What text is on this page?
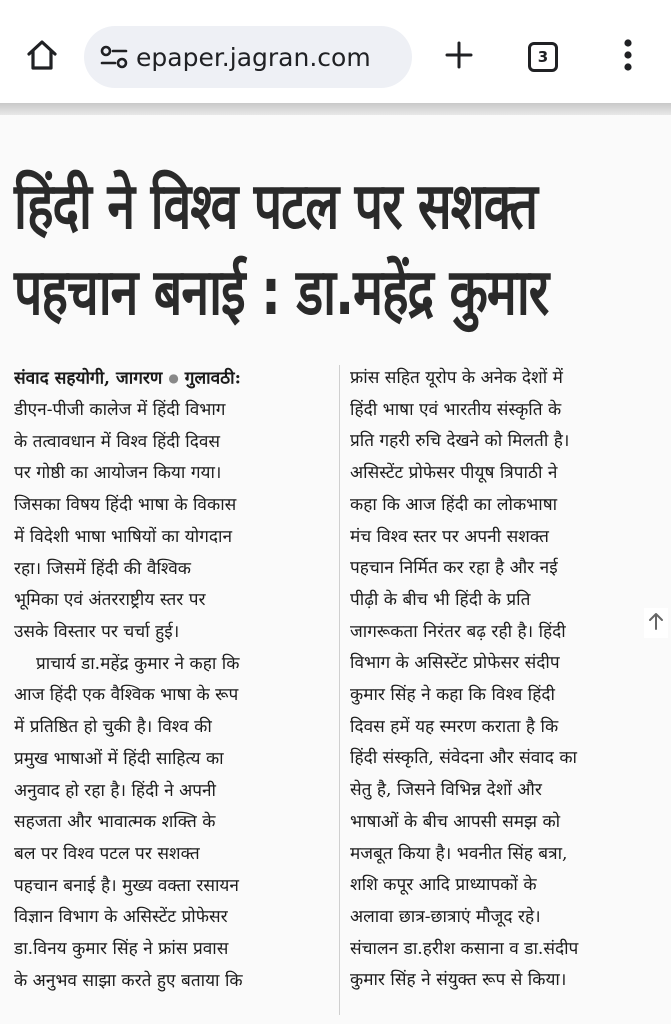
epaper.jagran.com	3
हिंदी ने विश्व पटल पर सशक्त
पहचान बनाई : डा.महेंद्र कुमार
संवाद सहयोगी, जागरण ● गुलावठी:
डीएन-पीजी कालेज में हिंदी विभाग
के तत्वावधान में विश्व हिंदी दिवस
पर गोष्ठी का आयोजन किया गया।
जिसका विषय हिंदी भाषा के विकास
में विदेशी भाषा भाषियों का योगदान
रहा। जिसमें हिंदी की वैश्विक
भूमिका एवं अंतरराष्ट्रीय स्तर पर
उसके विस्तार पर चर्चा हुई।
प्राचार्य डा.महेंद्र कुमार ने कहा कि
आज हिंदी एक वैश्विक भाषा के रूप
में प्रतिष्ठित हो चुकी है। विश्व की
प्रमुख भाषाओं में हिंदी साहित्य का
अनुवाद हो रहा है। हिंदी ने अपनी
सहजता और भावात्मक शक्ति के
बल पर विश्व पटल पर सशक्त
पहचान बनाई है। मुख्य वक्ता रसायन
विज्ञान विभाग के असिस्टेंट प्रोफेसर
डा.विनय कुमार सिंह ने फ्रांस प्रवास
के अनुभव साझा करते हुए बताया कि
फ्रांस सहित यूरोप के अनेक देशों में
हिंदी भाषा एवं भारतीय संस्कृति के
प्रति गहरी रुचि देखने को मिलती है।
असिस्टेंट प्रोफेसर पीयूष त्रिपाठी ने
कहा कि आज हिंदी का लोकभाषा
मंच विश्व स्तर पर अपनी सशक्त
पहचान निर्मित कर रहा है और नई
पीढ़ी के बीच भी हिंदी के प्रति
जागरूकता निरंतर बढ़ रही है। हिंदी
विभाग के असिस्टेंट प्रोफेसर संदीप
कुमार सिंह ने कहा कि विश्व हिंदी
दिवस हमें यह स्मरण कराता है कि
हिंदी संस्कृति, संवेदना और संवाद का
सेतु है, जिसने विभिन्न देशों और
भाषाओं के बीच आपसी समझ को
मजबूत किया है। भवनीत सिंह बत्रा,
शशि कपूर आदि प्राध्यापकों के
अलावा छात्र-छात्राएं मौजूद रहे।
संचालन डा.हरीश कसाना व डा.संदीप
कुमार सिंह ने संयुक्त रूप से किया।
